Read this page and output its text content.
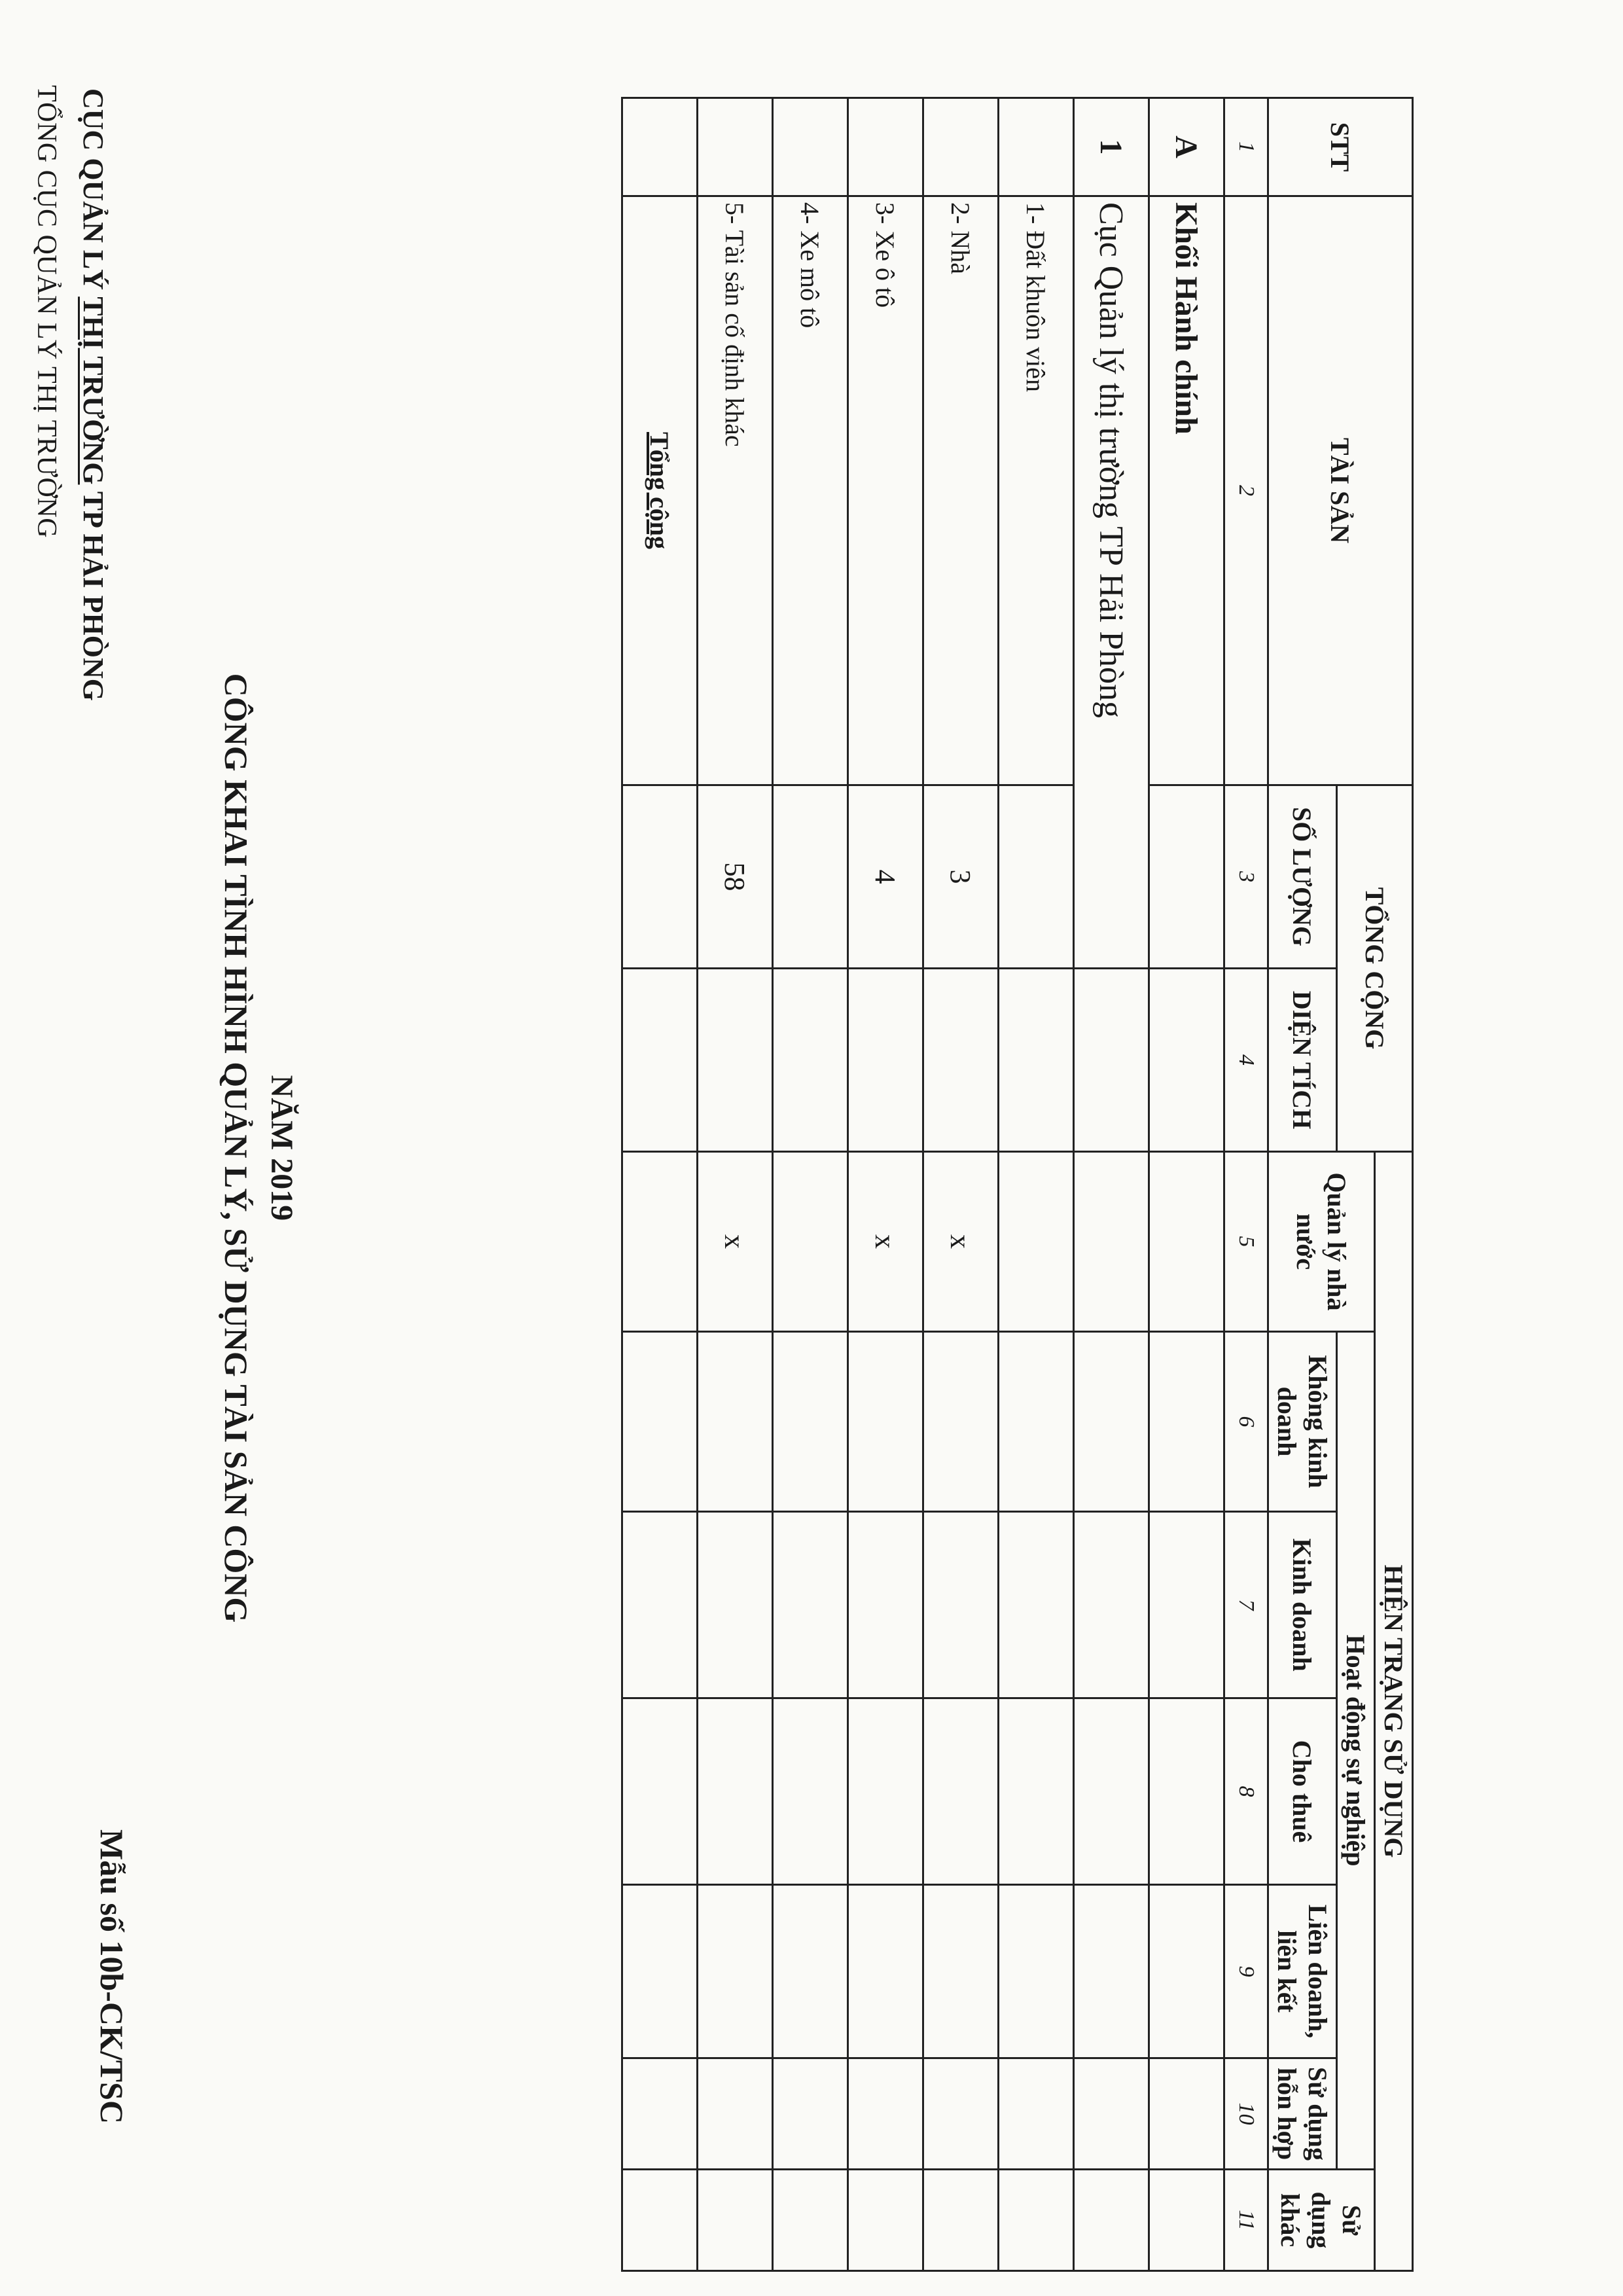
TỔNG CỤC QUẢN LÝ THỊ TRƯỜNG CỤC QUẢN LÝ THỊ TRƯỜNG TP HẢI PHÒNG
Mẫu số 10b-CK/TSC
CÔNG KHAI TÌNH HÌNH QUẢN LÝ, SỬ DỤNG TÀI SẢN CÔNG NĂM 2019
STT	TÀI SẢN	TỔNG CỘNG		HIỆN TRẠNG SỬ DỤNG						
				Quản lý nhà nước	Hoạt động sự nghiệp					Sử dụng khác
		SỐ LƯỢNG	DIỆN TÍCH		Không kinh doanh	Kinh doanh	Cho thuê	Liên doanh, liên kết	Sử dụng hỗn hợp	
1	2	3	4	5	6	7	8	9	10	11
A	Khối Hành chính									
1	Cục Quản lý thị trường TP Hải Phòng									
	1- Đất khuôn viên									
	2- Nhà	3		x						
	3- Xe ô tô	4		x						
	4- Xe mô tô									
	5- Tài sản cố định khác	58		x						
	Tổng cộng									
